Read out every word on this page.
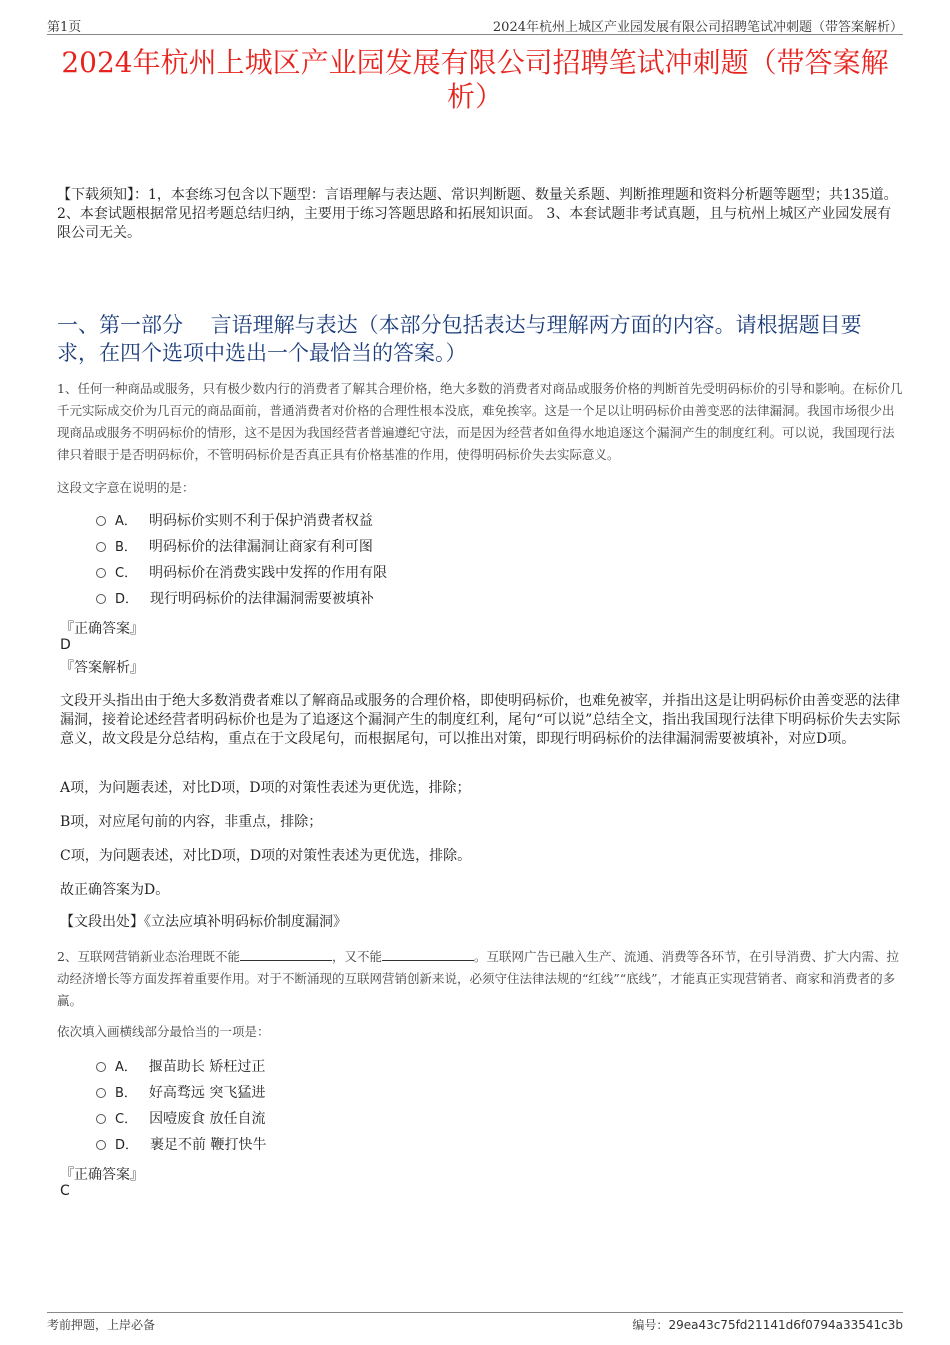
第1页	2024年杭州上城区产业园发展有限公司招聘笔试冲刺题（带答案解析）
2024年杭州上城区产业园发展有限公司招聘笔试冲刺题（带答案解析）
【下载须知】：1，本套练习包含以下题型：言语理解与表达题、常识判断题、数量关系题、判断推理题和资料分析题等题型；共135道。 2、本套试题根据常见招考题总结归纳，主要用于练习答题思路和拓展知识面。 3、本套试题非考试真题，且与杭州上城区产业园发展有限公司无关。
一、第一部分　 言语理解与表达（本部分包括表达与理解两方面的内容。请根据题目要求，在四个选项中选出一个最恰当的答案。）
1、任何一种商品或服务，只有极少数内行的消费者了解其合理价格，绝大多数的消费者对商品或服务价格的判断首先受明码标价的引导和影响。在标价几千元实际成交价为几百元的商品面前，普通消费者对价格的合理性根本没底，难免挨宰。这是一个足以让明码标价由善变恶的法律漏洞。我国市场很少出现商品或服务不明码标价的情形，这不是因为我国经营者普遍遵纪守法，而是因为经营者如鱼得水地追逐这个漏洞产生的制度红利。可以说，我国现行法律只着眼于是否明码标价，不管明码标价是否真正具有价格基准的作用，使得明码标价失去实际意义。
这段文字意在说明的是：
A． 明码标价实则不利于保护消费者权益
B． 明码标价的法律漏洞让商家有利可图
C． 明码标价在消费实践中发挥的作用有限
D． 现行明码标价的法律漏洞需要被填补
『正确答案』
D
『答案解析』
文段开头指出由于绝大多数消费者难以了解商品或服务的合理价格，即使明码标价，也难免被宰，并指出这是让明码标价由善变恶的法律漏洞，接着论述经营者明码标价也是为了追逐这个漏洞产生的制度红利，尾句“可以说”总结全文，指出我国现行法律下明码标价失去实际意义，故文段是分总结构，重点在于文段尾句，而根据尾句，可以推出对策，即现行明码标价的法律漏洞需要被填补，对应D项。
A项，为问题表述，对比D项，D项的对策性表述为更优选，排除；
B项，对应尾句前的内容，非重点，排除；
C项，为问题表述，对比D项，D项的对策性表述为更优选，排除。
故正确答案为D。
【文段出处】《立法应填补明码标价制度漏洞》
2、互联网营销新业态治理既不能	，又不能	。互联网广告已融入生产、流通、消费等各环节，在引导消费、扩大内需、拉动经济增长等方面发挥着重要作用。对于不断涌现的互联网营销创新来说，必须守住法律法规的“红线”“底线”，才能真正实现营销者、商家和消费者的多赢。
依次填入画横线部分最恰当的一项是：
A． 揠苗助长 矫枉过正
B． 好高骛远 突飞猛进
C． 因噎废食 放任自流
D． 裹足不前 鞭打快牛
『正确答案』
C
考前押题，上岸必备	编号：29ea43c75fd21141d6f0794a33541c3b
